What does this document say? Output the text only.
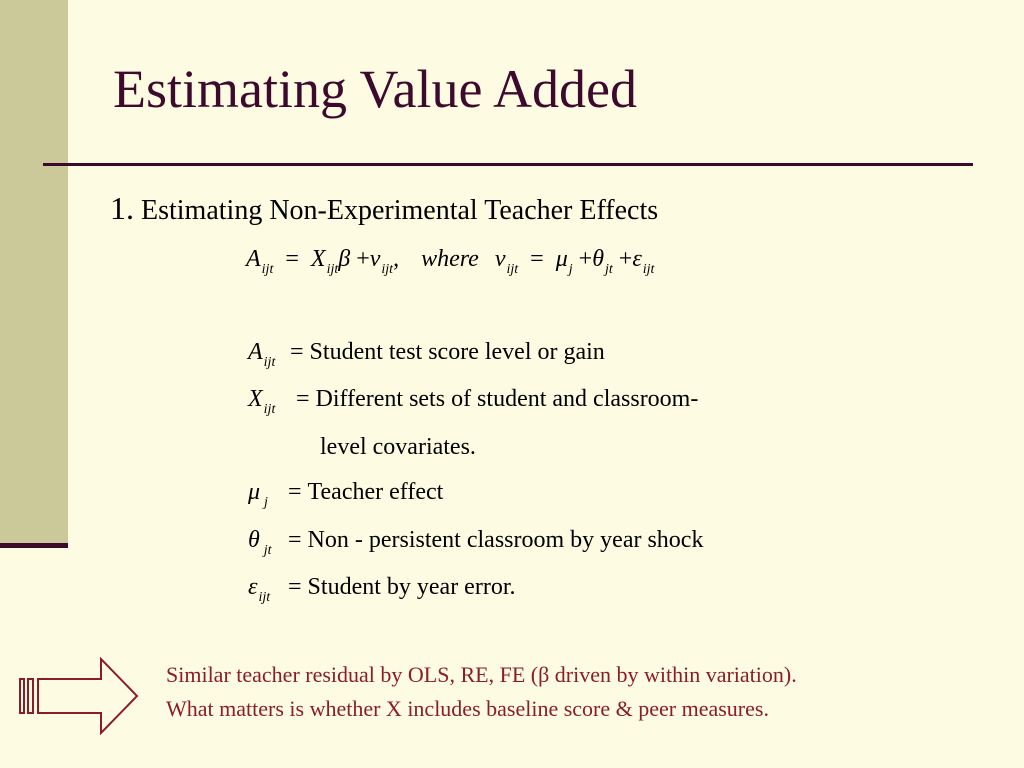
Estimating Value Added
1. Estimating Non-Experimental Teacher Effects
$A_{ijt} = X_{ijt}\beta +\nu_{ijt}$, where $\nu_{ijt} = \mu_j +\theta_{jt} +\varepsilon_{ijt}$
$A_{ijt}$ = Student test score level or gain
$X_{ijt}$ = Different sets of student and classroom-
level covariates.
μ $_j$ = Teacher effect
θ $_{jt}$ = Non - persistent classroom by year shock
$\varepsilon_{ijt}$ = Student by year error.
Similar teacher residual by OLS, RE, FE (β driven by within variation).
What matters is whether X includes baseline score & peer measures.
